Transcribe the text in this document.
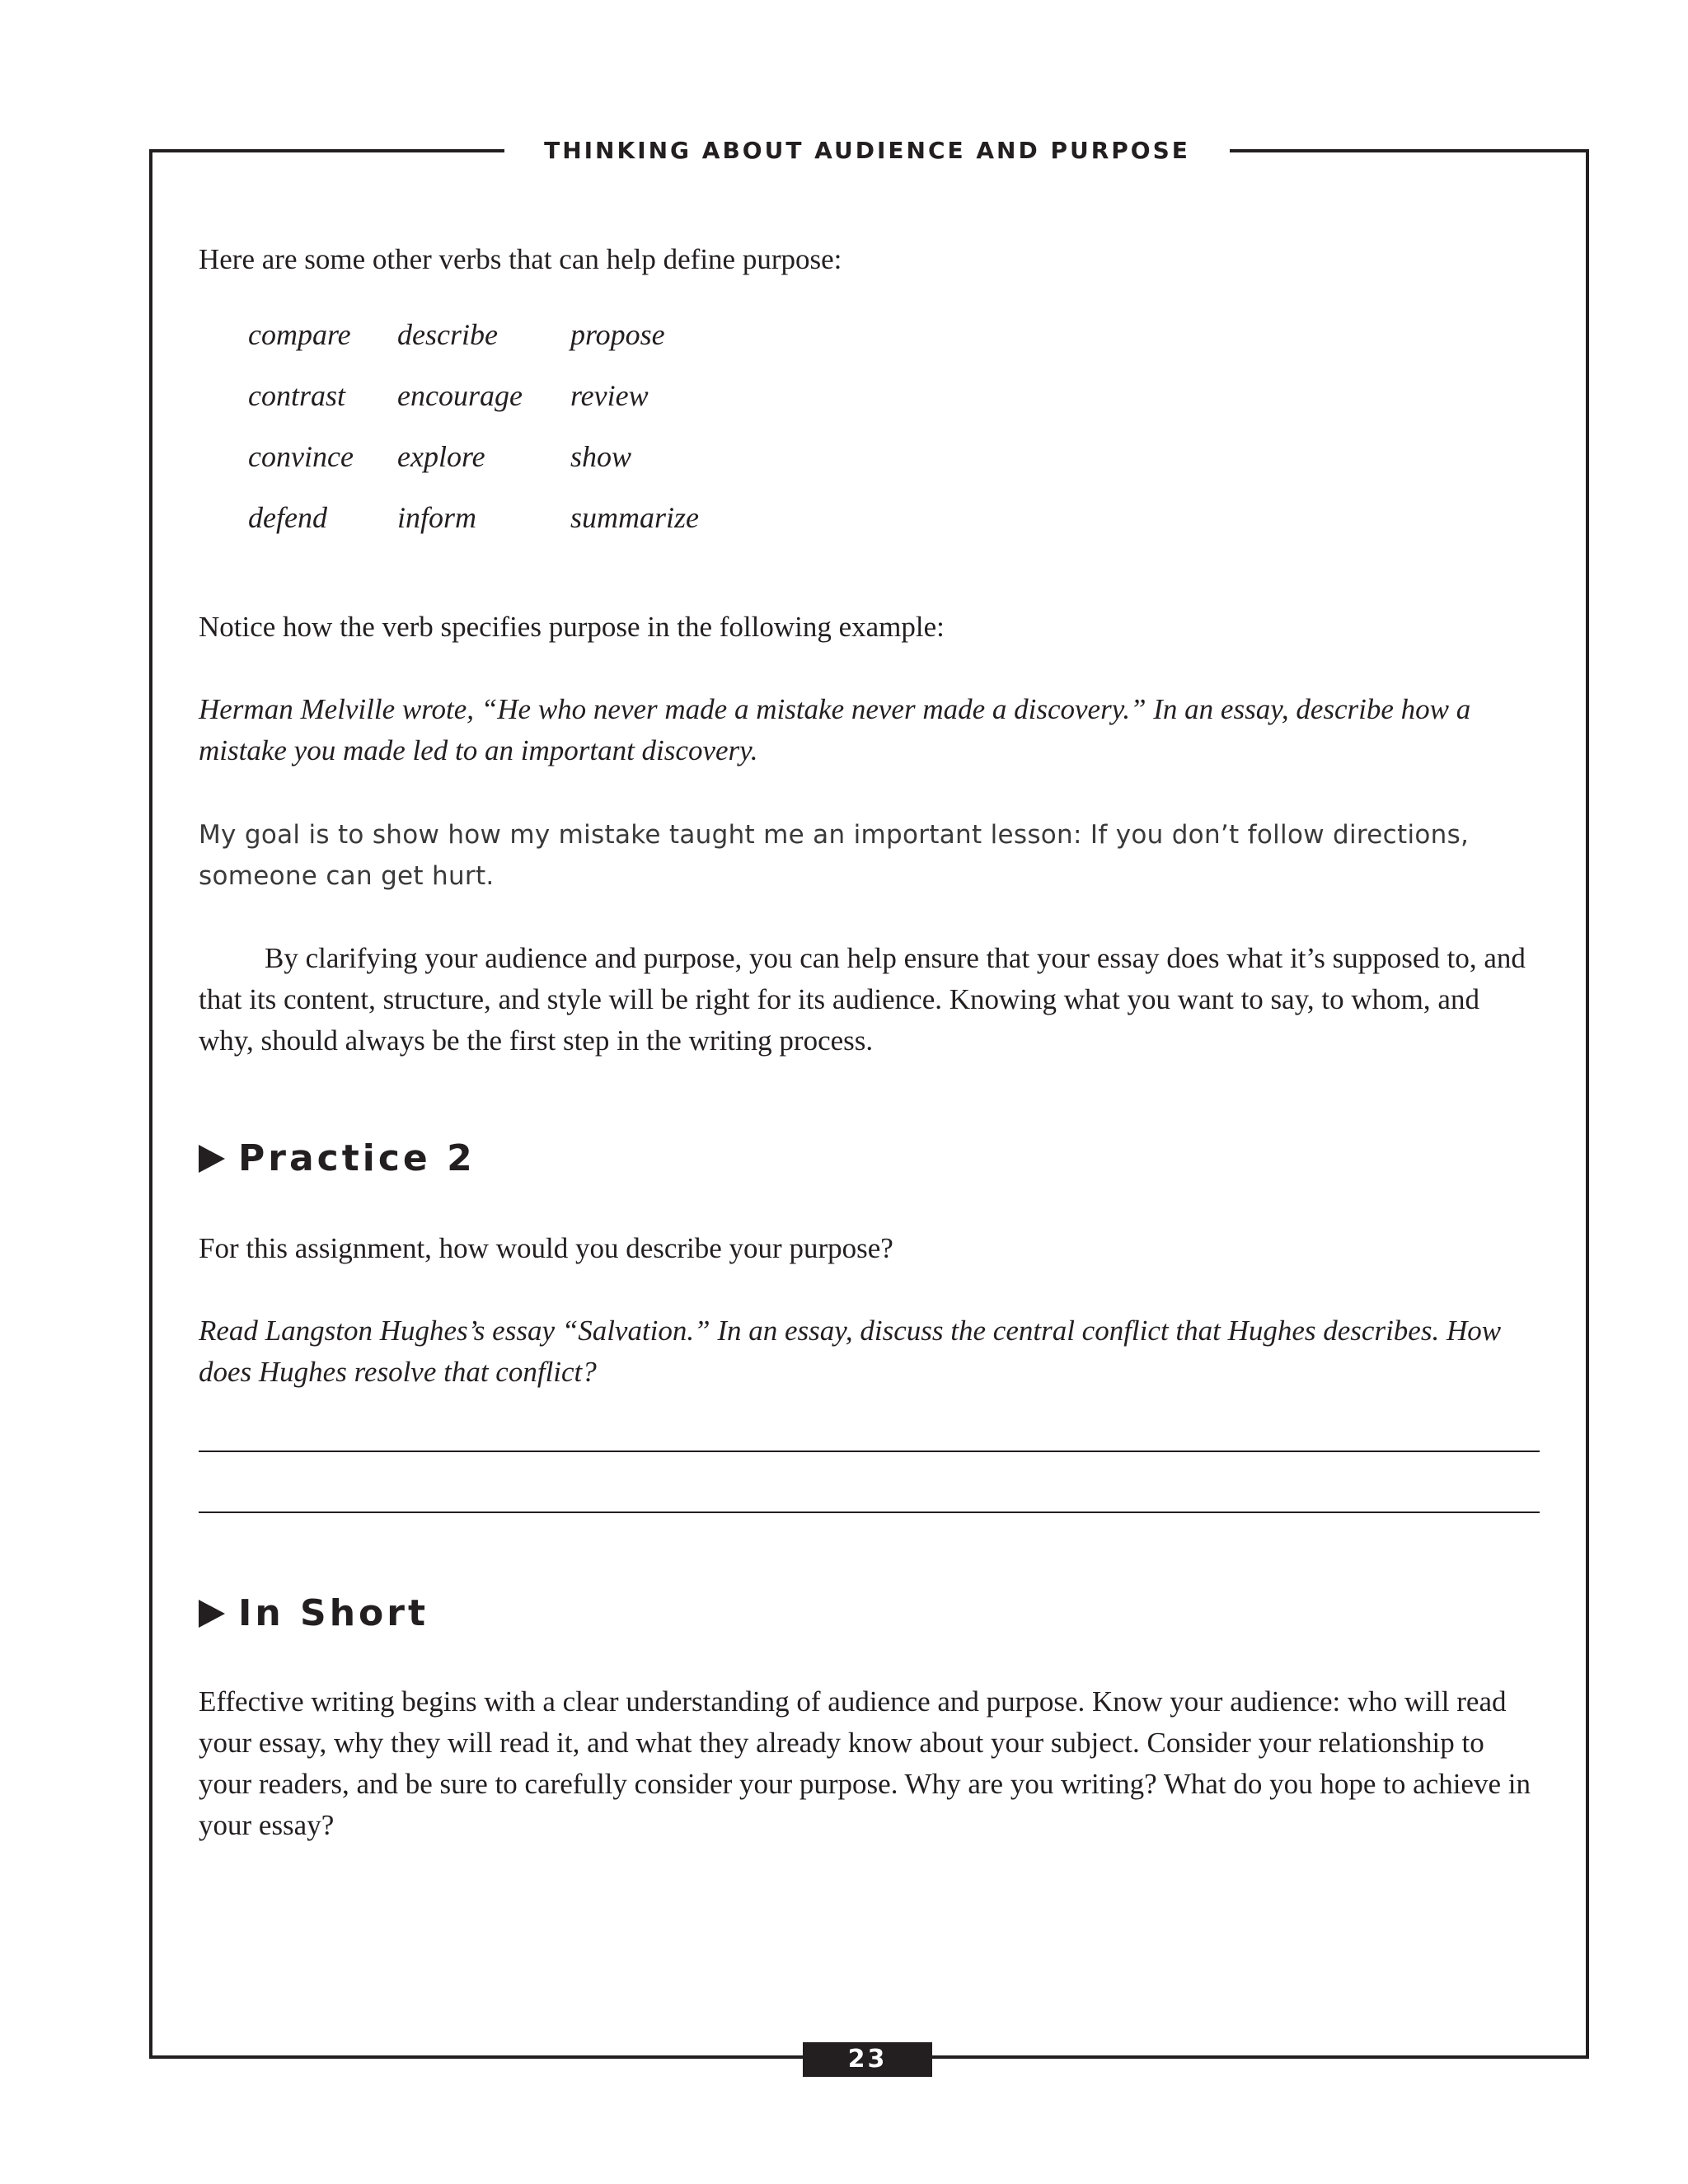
THINKING ABOUT AUDIENCE AND PURPOSE

Here are some other verbs that can help define purpose:

compare describe propose
contrast encourage review
convince explore	show
defend inform	summarize

Notice how the verb specifies purpose in the following example:

Herman Melville wrote, “He who never made a mistake never made a discovery.” In an essay, describe how a mistake you made led to an important discovery.

My goal is to show how my mistake taught me an important lesson: If you don’t follow directions, someone can get hurt.

By clarifying your audience and purpose, you can help ensure that your essay does what it’s supposed to, and that its content, structure, and style will be right for its audience. Knowing what you want to say, to whom, and why, should always be the first step in the writing process.

Practice 2

For this assignment, how would you describe your purpose?

Read Langston Hughes’s essay “Salvation.” In an essay, discuss the central conflict that Hughes describes. How does Hughes resolve that conflict?

In Short

Effective writing begins with a clear understanding of audience and purpose. Know your audience: who will read your essay, why they will read it, and what they already know about your subject. Consider your relationship to your readers, and be sure to carefully consider your purpose. Why are you writing? What do you hope to achieve in your essay?

23
